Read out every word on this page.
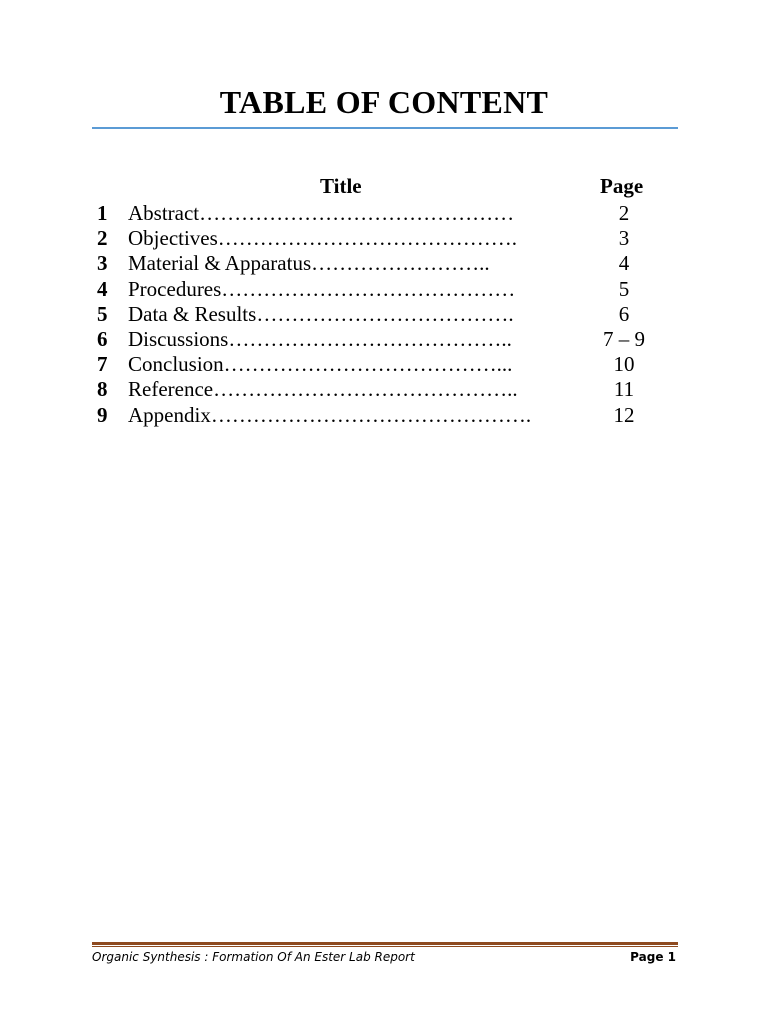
TABLE OF CONTENT
Title	Page
1 Abstract………………………………………	2
2 Objectives…………………………………….	3
3 Material & Apparatus……………………..	4
4 Procedures……………………………………	5
5 Data & Results……………………………….	6
6 Discussions…………………………………..	7 – 9
7 Conclusion…………………………………...	10
8 Reference……………………………………..	11
9 Appendix……………………………………….	12
Organic Synthesis : Formation Of An Ester Lab Report	Page 1
